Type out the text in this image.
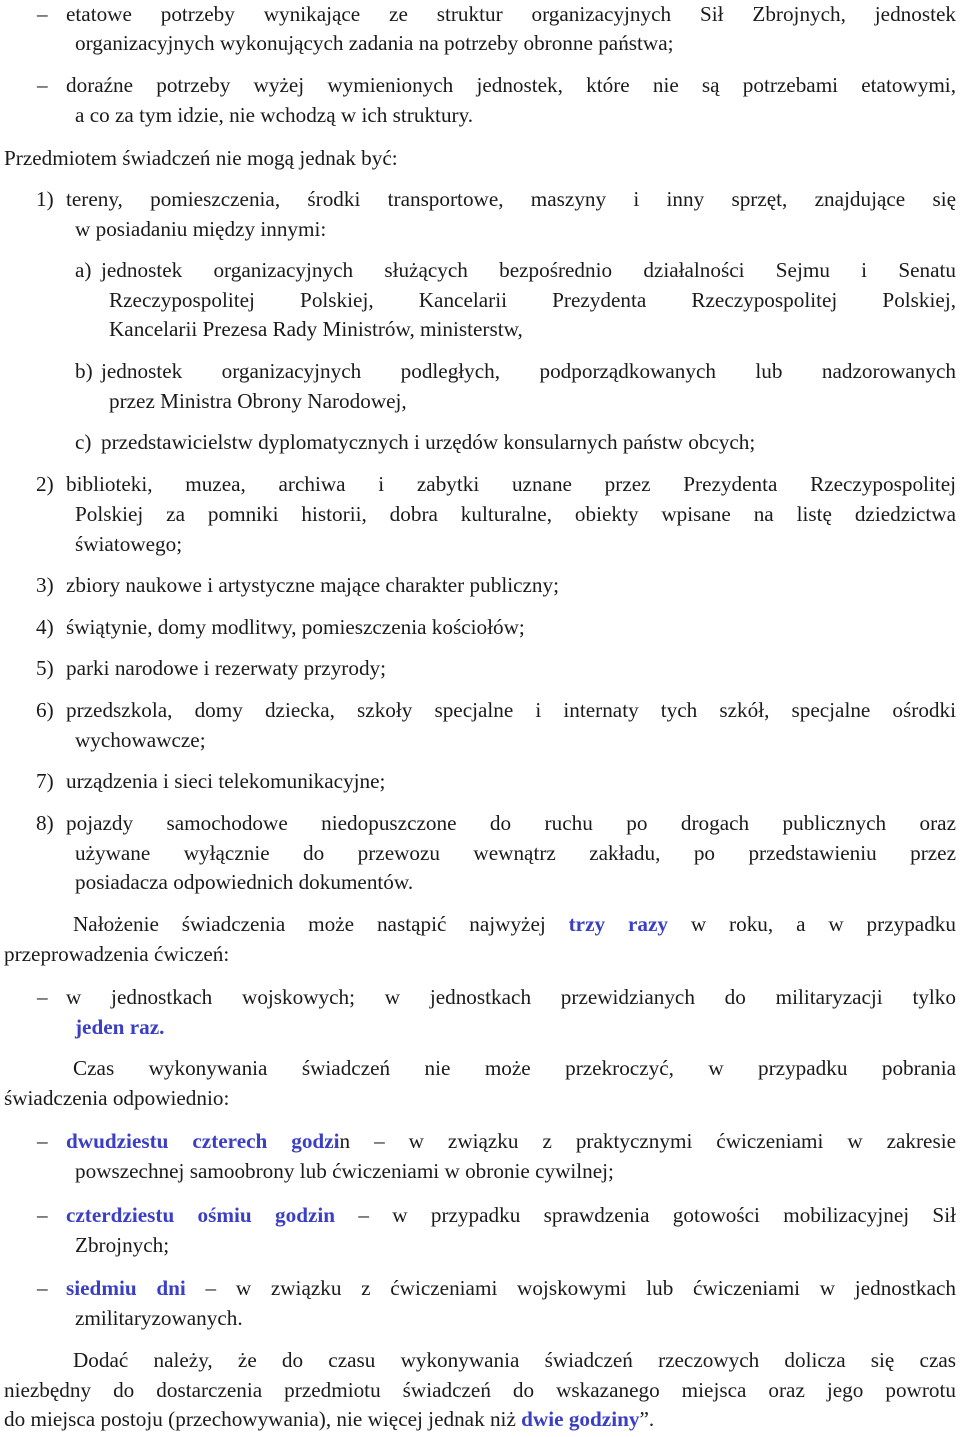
– etatowe potrzeby wynikające ze struktur organizacyjnych Sił Zbrojnych, jednostek
organizacyjnych wykonujących zadania na potrzeby obronne państwa;
– doraźne potrzeby wyżej wymienionych jednostek, które nie są potrzebami etatowymi,
a co za tym idzie, nie wchodzą w ich struktury.
Przedmiotem świadczeń nie mogą jednak być:
1) tereny, pomieszczenia, środki transportowe, maszyny i inny sprzęt, znajdujące się
w posiadaniu między innymi:
a) jednostek organizacyjnych służących bezpośrednio działalności Sejmu i Senatu
Rzeczypospolitej Polskiej, Kancelarii Prezydenta Rzeczypospolitej Polskiej,
Kancelarii Prezesa Rady Ministrów, ministerstw,
b) jednostek organizacyjnych podległych, podporządkowanych lub nadzorowanych
przez Ministra Obrony Narodowej,
c) przedstawicielstw dyplomatycznych i urzędów konsularnych państw obcych;
2) biblioteki, muzea, archiwa i zabytki uznane przez Prezydenta Rzeczypospolitej
Polskiej za pomniki historii, dobra kulturalne, obiekty wpisane na listę dziedzictwa
światowego;
3) zbiory naukowe i artystyczne mające charakter publiczny;
4) świątynie, domy modlitwy, pomieszczenia kościołów;
5) parki narodowe i rezerwaty przyrody;
6) przedszkola, domy dziecka, szkoły specjalne i internaty tych szkół, specjalne ośrodki
wychowawcze;
7) urządzenia i sieci telekomunikacyjne;
8) pojazdy samochodowe niedopuszczone do ruchu po drogach publicznych oraz
używane wyłącznie do przewozu wewnątrz zakładu, po przedstawieniu przez
posiadacza odpowiednich dokumentów.
Nałożenie świadczenia może nastąpić najwyżej trzy razy w roku, a w przypadku
przeprowadzenia ćwiczeń:
– w jednostkach wojskowych; w jednostkach przewidzianych do militaryzacji tylko
jeden raz.
Czas wykonywania świadczeń nie może przekroczyć, w przypadku pobrania
świadczenia odpowiednio:
– dwudziestu czterech godzin – w związku z praktycznymi ćwiczeniami w zakresie
powszechnej samoobrony lub ćwiczeniami w obronie cywilnej;
– czterdziestu ośmiu godzin – w przypadku sprawdzenia gotowości mobilizacyjnej Sił
Zbrojnych;
– siedmiu dni – w związku z ćwiczeniami wojskowymi lub ćwiczeniami w jednostkach
zmilitaryzowanych.
Dodać należy, że do czasu wykonywania świadczeń rzeczowych dolicza się czas
niezbędny do dostarczenia przedmiotu świadczeń do wskazanego miejsca oraz jego powrotu
do miejsca postoju (przechowywania), nie więcej jednak niż dwie godziny”.
